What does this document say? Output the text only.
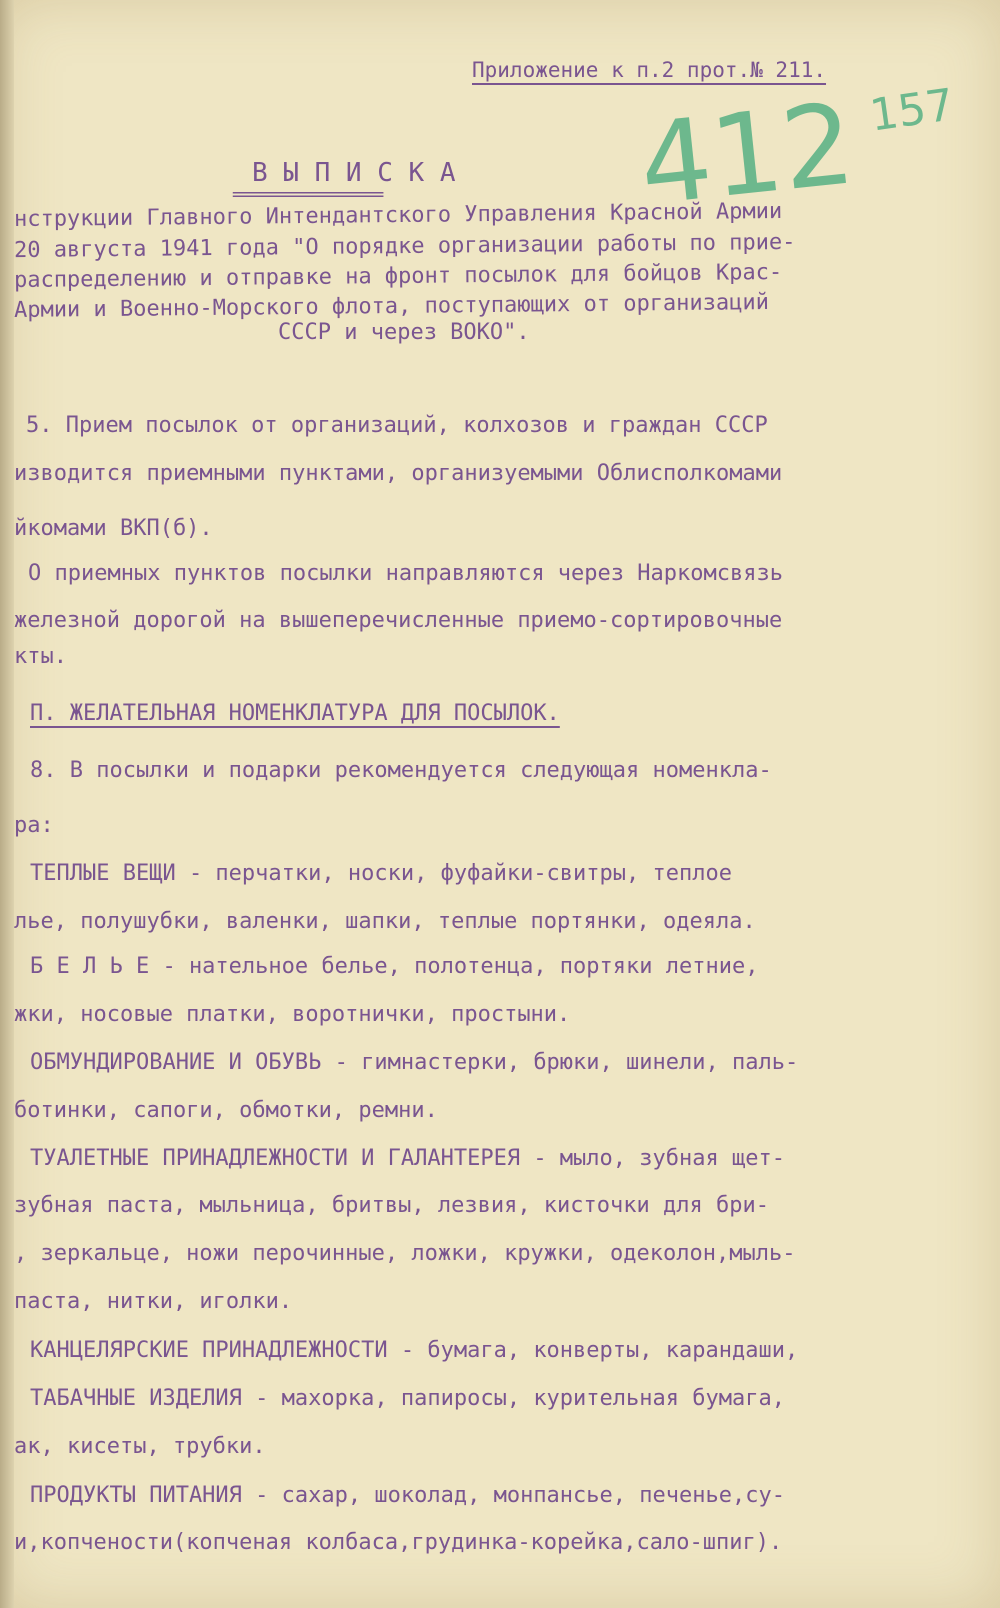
Приложение к п.2 прот.№ 211.
412 157
В Ы П И С К А
=================
нструкции Главного Интендантского Управления Красной Армии
20 августа 1941 года "О порядке организации работы по прие-
распределению и отправке на фронт посылок для бойцов Крас-
Армии и Военно-Морского флота, поступающих от организаций
СССР и через ВОКО".
5. Прием посылок от организаций, колхозов и граждан СССР
изводится приемными пунктами, организуемыми Облисполкомами
йкомами ВКП(б).
О приемных пунктов посылки направляются через Наркомсвязь
железной дорогой на вышеперечисленные приемо-сортировочные
кты.
П. ЖЕЛАТЕЛЬНАЯ НОМЕНКЛАТУРА ДЛЯ ПОСЫЛОК.
8. В посылки и подарки рекомендуется следующая номенкла-
ра:
ТЕПЛЫЕ ВЕЩИ - перчатки, носки, фуфайки-свитры, теплое
лье, полушубки, валенки, шапки, теплые портянки, одеяла.
Б Е Л Ь Е - нательное белье, полотенца, портяки летние,
жки, носовые платки, воротнички, простыни.
ОБМУНДИРОВАНИЕ И ОБУВЬ - гимнастерки, брюки, шинели, паль-
ботинки, сапоги, обмотки, ремни.
ТУАЛЕТНЫЕ ПРИНАДЛЕЖНОСТИ И ГАЛАНТЕРЕЯ - мыло, зубная щет-
зубная паста, мыльница, бритвы, лезвия, кисточки для бри-
, зеркальце, ножи перочинные, ложки, кружки, одеколон,мыль-
паста, нитки, иголки.
КАНЦЕЛЯРСКИЕ ПРИНАДЛЕЖНОСТИ - бумага, конверты, карандаши,
ТАБАЧНЫЕ ИЗДЕЛИЯ - махорка, папиросы, курительная бумага,
ак, кисеты, трубки.
ПРОДУКТЫ ПИТАНИЯ - сахар, шоколад, монпансье, печенье,су-
и,копчености(копченая колбаса,грудинка-корейка,сало-шпиг).
